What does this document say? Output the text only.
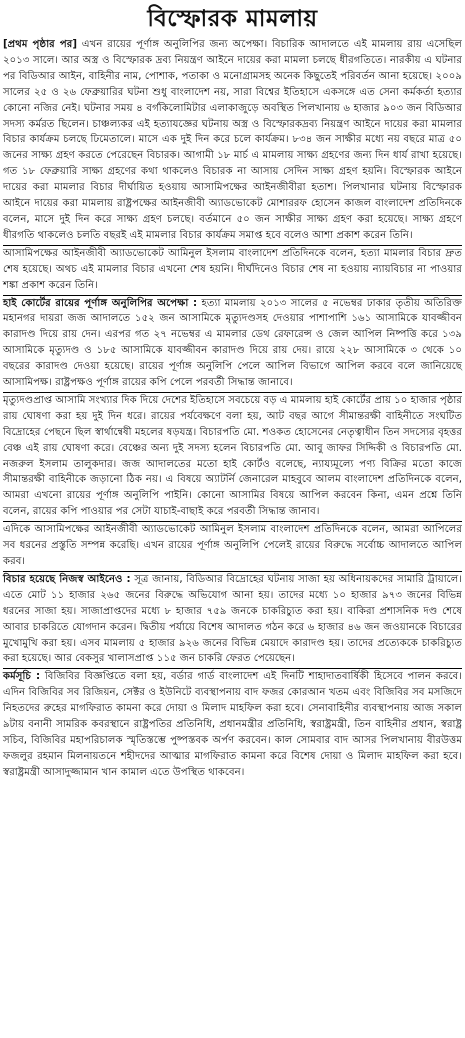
বিস্ফোরক মামলায়

[প্রথম পৃষ্ঠার পর] এখন রায়ের পূর্ণাঙ্গ অনুলিপির জন্য অপেক্ষা। বিচারিক আদালতে এই মামলায় রায় এসেছিল ২০১৩ সালে। আর অস্ত্র ও বিস্ফোরক দ্রব্য নিয়ন্ত্রণ আইনে দায়ের করা মামলা চলছে ধীরগতিতে। নারকীয় এ ঘটনার পর বিডিআর আইন, বাহিনীর নাম, পোশাক, পতাকা ও মনোগ্রামসহ অনেক কিছুতেই পরিবর্তন আনা হয়েছে। ২০০৯ সালের ২৫ ও ২৬ ফেব্রুয়ারির ঘটনা শুধু বাংলাদেশ নয়, সারা বিশ্বের ইতিহাসে একসঙ্গে এত সেনা কর্মকর্তা হত্যার কোনো নজির নেই। ঘটনার সময় ৪ বর্গকিলোমিটার এলাকাজুড়ে অবস্থিত পিলখানায় ৬ হাজার ৯০৩ জন বিডিআর সদস্য কর্মরত ছিলেন। চাঞ্চল্যকর এই হত্যাযজ্ঞের ঘটনায় অস্ত্র ও বিস্ফোরকদ্রব্য নিয়ন্ত্রণ আইনে দায়ের করা মামলার বিচার কার্যক্রম চলছে ঢিমেতালে। মাসে এক দুই দিন করে চলে কার্যক্রম। ৮৩৪ জন সাক্ষীর মধ্যে নয় বছরে মাত্র ৫০ জনের সাক্ষ্য গ্রহণ করতে পেরেছেন বিচারক। আগামী ১৮ মার্চ এ মামলায় সাক্ষ্য গ্রহণের জন্য দিন ধার্য রাখা হয়েছে। গত ১৮ ফেব্রুয়ারি সাক্ষ্য গ্রহণের কথা থাকলেও বিচারক না আসায় সেদিন সাক্ষ্য গ্রহণ হয়নি। বিস্ফোরক আইনে দায়ের করা মামলার বিচার দীর্ঘায়িত হওয়ায় আসামিপক্ষের আইনজীবীরা হতাশ। পিলখানার ঘটনায় বিস্ফোরক আইনে দায়ের করা মামলায় রাষ্ট্রপক্ষের আইনজীবী অ্যাডভোকেট মোশাররফ হোসেন কাজল বাংলাদেশ প্রতিদিনকে বলেন, মাসে দুই দিন করে সাক্ষ্য গ্রহণ চলছে। বর্তমানে ৫০ জন সাক্ষীর সাক্ষ্য গ্রহণ করা হয়েছে। সাক্ষ্য গ্রহণে ধীরগতি থাকলেও চলতি বছরই এই মামলার বিচার কার্যক্রম সমাপ্ত হবে বলেও আশা প্রকাশ করেন তিনি।

আসামিপক্ষের আইনজীবী অ্যাডভোকেট আমিনুল ইসলাম বাংলাদেশ প্রতিদিনকে বলেন, হত্যা মামলার বিচার দ্রুত শেষ হয়েছে। অথচ এই মামলার বিচার এখনো শেষ হয়নি। দীর্ঘদিনেও বিচার শেষ না হওয়ায় ন্যায়বিচার না পাওয়ার শঙ্কা প্রকাশ করেন তিনি।

হাই কোর্টের রায়ের পূর্ণাঙ্গ অনুলিপির অপেক্ষা : হত্যা মামলায় ২০১৩ সালের ৫ নভেম্বর ঢাকার তৃতীয় অতিরিক্ত মহানগর দায়রা জজ আদালতে ১৫২ জন আসামিকে মৃত্যুদণ্ডসহ দেওয়ার পাশাপাশি ১৬১ আসামিকে যাবজ্জীবন কারাদণ্ড দিয়ে রায় দেন। এরপর গত ২৭ নভেম্বর এ মামলার ডেথ রেফারেন্স ও জেল আপিল নিষ্পত্তি করে ১৩৯ আসামিকে মৃত্যুদণ্ড ও ১৮৫ আসামিকে যাবজ্জীবন কারাদণ্ড দিয়ে রায় দেয়। রায়ে ২২৮ আসামিকে ৩ থেকে ১০ বছরের কারাদণ্ড দেওয়া হয়েছে। রায়ের পূর্ণাঙ্গ অনুলিপি পেলে আপিল বিভাগে আপিল করবে বলে জানিয়েছে আসামিপক্ষ। রাষ্ট্রপক্ষও পূর্ণাঙ্গ রায়ের কপি পেলে পরবর্তী সিদ্ধান্ত জানাবে।

মৃত্যুদণ্ডপ্রাপ্ত আসামি সংখ্যার দিক দিয়ে দেশের ইতিহাসে সবচেয়ে বড় এ মামলায় হাই কোর্টের প্রায় ১০ হাজার পৃষ্ঠার রায় ঘোষণা করা হয় দুই দিন ধরে। রায়ের পর্যবেক্ষণে বলা হয়, আট বছর আগে সীমান্তরক্ষী বাহিনীতে সংঘটিত বিদ্রোহের পেছনে ছিল স্বার্থান্বেষী মহলের ষড়যন্ত্র। বিচারপতি মো. শওকত হোসেনের নেতৃত্বাধীন তিন সদস্যের বৃহত্তর বেঞ্চ এই রায় ঘোষণা করে। বেঞ্চের অন্য দুই সদস্য হলেন বিচারপতি মো. আবু জাফর সিদ্দিকী ও বিচারপতি মো. নজরুল ইসলাম তালুকদার। জজ আদালতের মতো হাই কোর্টও বলেছে, ন্যায্যমূল্যে পণ্য বিক্রির মতো কাজে সীমান্তরক্ষী বাহিনীকে জড়ানো ঠিক নয়। এ বিষয়ে অ্যাটর্নি জেনারেল মাহবুবে আলম বাংলাদেশ প্রতিদিনকে বলেন, আমরা এখনো রায়ের পূর্ণাঙ্গ অনুলিপি পাইনি। কোনো আসামির বিষয়ে আপিল করবেন কিনা, এমন প্রশ্নে তিনি বলেন, রায়ের কপি পাওয়ার পর সেটা যাচাই-বাছাই করে পরবর্তী সিদ্ধান্ত জানাব।

এদিকে আসামিপক্ষের আইনজীবী অ্যাডভোকেট আমিনুল ইসলাম বাংলাদেশ প্রতিদিনকে বলেন, আমরা আপিলের সব ধরনের প্রস্তুতি সম্পন্ন করেছি। এখন রায়ের পূর্ণাঙ্গ অনুলিপি পেলেই রায়ের বিরুদ্ধে সর্বোচ্চ আদালতে আপিল করব।

বিচার হয়েছে নিজস্ব আইনেও : সূত্র জানায়, বিডিআর বিদ্রোহের ঘটনায় সাজা হয় অধিনায়কদের সামারি ট্রায়ালে। এতে মোট ১১ হাজার ২৬৫ জনের বিরুদ্ধে অভিযোগ আনা হয়। তাদের মধ্যে ১০ হাজার ৯৭৩ জনের বিভিন্ন ধরনের সাজা হয়। সাজাপ্রাপ্তদের মধ্যে ৮ হাজার ৭৫৯ জনকে চাকরিচ্যুত করা হয়। বাকিরা প্রশাসনিক দণ্ড শেষে আবার চাকরিতে যোগদান করেন। দ্বিতীয় পর্যায়ে বিশেষ আদালত গঠন করে ৬ হাজার ৪৬ জন জওয়ানকে বিচারের মুখোমুখি করা হয়। এসব মামলায় ৫ হাজার ৯২৬ জনের বিভিন্ন মেয়াদে কারাদণ্ড হয়। তাদের প্রত্যেককে চাকরিচ্যুত করা হয়েছে। আর বেকসুর খালাসপ্রাপ্ত ১১৫ জন চাকরি ফেরত পেয়েছেন।

কর্মসূচি : বিজিবির বিজ্ঞপ্তিতে বলা হয়, বর্ডার গার্ড বাংলাদেশ এই দিনটি শাহাদাতবার্ষিকী হিসেবে পালন করবে। এদিন বিজিবির সব রিজিয়ন, সেক্টর ও ইউনিটে ব্যবস্থাপনায় বাদ ফজর কোরআন খতম এবং বিজিবির সব মসজিদে নিহতদের রুহের মাগফিরাত কামনা করে দোয়া ও মিলাদ মাহফিল করা হবে। সেনাবাহিনীর ব্যবস্থাপনায় আজ সকাল ৯টায় বনানী সামরিক কবরস্থানে রাষ্ট্রপতির প্রতিনিধি, প্রধানমন্ত্রীর প্রতিনিধি, স্বরাষ্ট্রমন্ত্রী, তিন বাহিনীর প্রধান, স্বরাষ্ট্র সচিব, বিজিবির মহাপরিচালক স্মৃতিস্তম্ভে পুষ্পস্তবক অর্পণ করবেন। কাল সোমবার বাদ আসর পিলখানায় বীরউত্তম ফজলুর রহমান মিলনায়তনে শহীদদের আত্মার মাগফিরাত কামনা করে বিশেষ দোয়া ও মিলাদ মাহফিল করা হবে। স্বরাষ্ট্রমন্ত্রী আসাদুজ্জামান খান কামাল এতে উপস্থিত থাকবেন।
